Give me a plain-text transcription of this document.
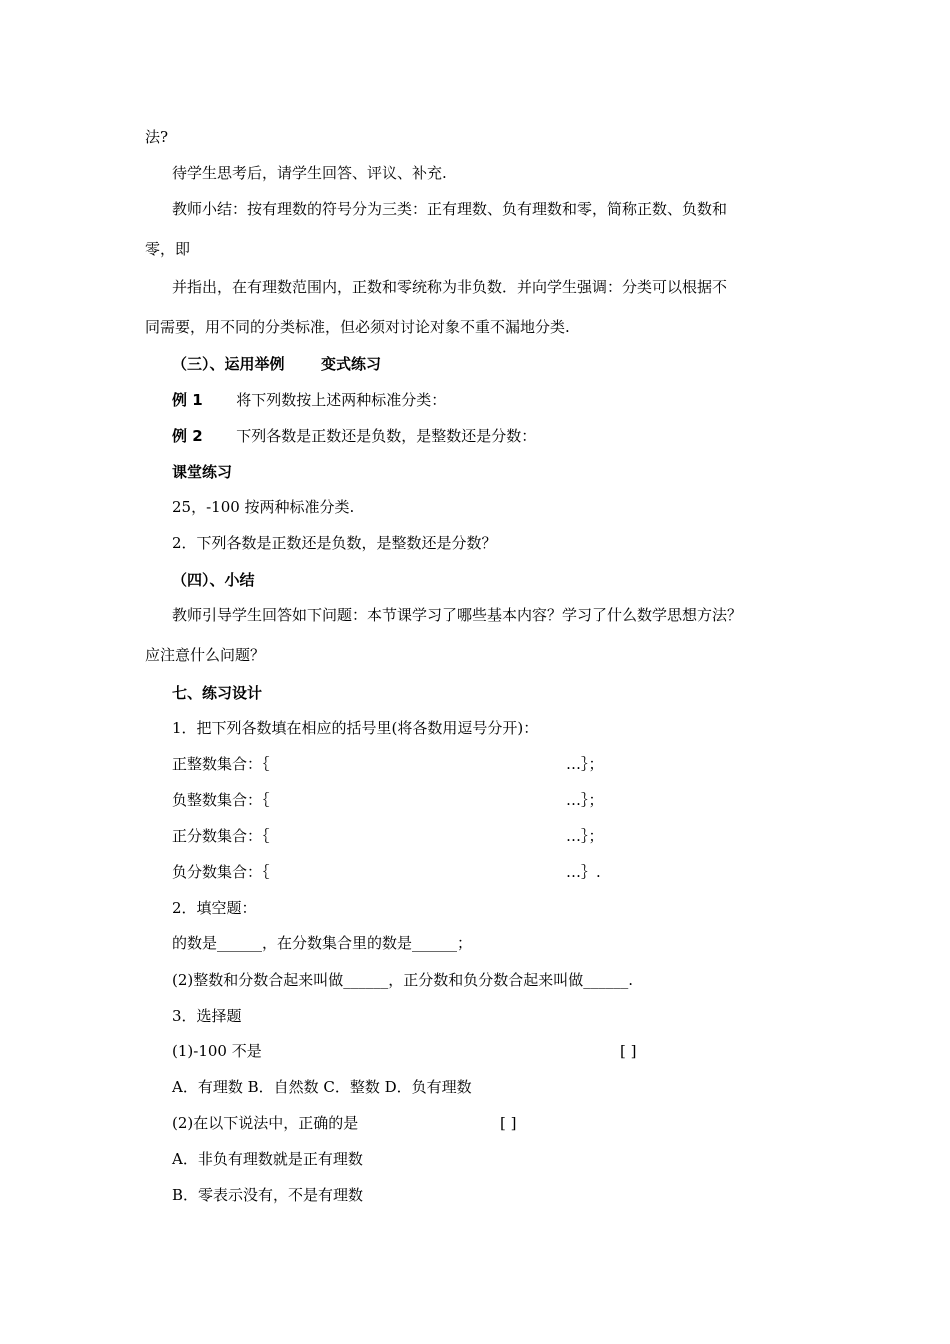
法?
待学生思考后，请学生回答、评议、补充.
教师小结：按有理数的符号分为三类：正有理数、负有理数和零，简称正数、负数和
零，即
并指出，在有理数范围内，正数和零统称为非负数．并向学生强调：分类可以根据不
同需要，用不同的分类标准，但必须对讨论对象不重不漏地分类.
（三）、运用举例 变式练习
例 1 将下列数按上述两种标准分类：
例 2 下列各数是正数还是负数，是整数还是分数：
课堂练习
25，-100 按两种标准分类.
2．下列各数是正数还是负数，是整数还是分数？
（四）、小结
教师引导学生回答如下问题：本节课学习了哪些基本内容？学习了什么数学思想方法？
应注意什么问题？
七、练习设计
1．把下列各数填在相应的括号里(将各数用逗号分开)：
正整数集合：｛	…｝；
负整数集合：｛	…｝；
正分数集合：｛	…｝；
负分数集合：｛	…｝.
2．填空题：
的数是______，在分数集合里的数是______；
(2)整数和分数合起来叫做______，正分数和负分数合起来叫做______.
3．选择题
(1)-100 不是	[ ]
A．有理数 B．自然数 C．整数 D．负有理数
(2)在以下说法中，正确的是	[ ]
A．非负有理数就是正有理数
B．零表示没有，不是有理数
